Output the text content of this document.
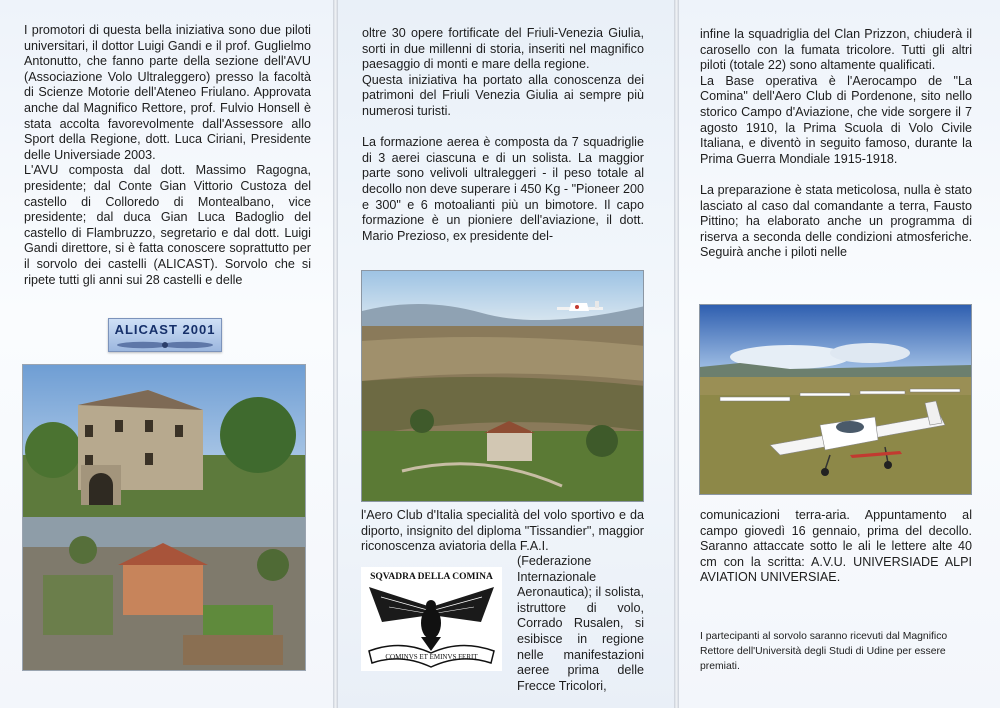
I promotori di questa bella iniziativa sono due piloti universitari, il dottor Luigi Gandi e il prof. Guglielmo Antonutto, che fanno parte della sezione dell'AVU (Associazione Volo Ultraleggero) presso la facoltà di Scienze Motorie dell'Ateneo Friulano. Approvata anche dal Magnifico Rettore, prof. Fulvio Honsell è stata accolta favorevolmente dall'Assessore allo Sport della Regione, dott. Luca Ciriani, Presidente delle Universiade 2003.

L'AVU composta dal dott. Massimo Ragogna, presidente; dal Conte Gian Vittorio Custoza del castello di Colloredo di Montealbano, vice presidente; dal duca Gian Luca Badoglio del castello di Flambruzzo, segretario e dal dott. Luigi Gandi direttore, si è fatta conoscere soprattutto per il sorvolo dei castelli (ALICAST). Sorvolo che si ripete tutti gli anni sui 28 castelli e delle

ALICAST 2001

oltre 30 opere fortificate del Friuli-Venezia Giulia, sorti in due millenni di storia, inseriti nel magnifico paesaggio di monti e mare della regione.

Questa iniziativa ha portato alla conoscenza dei patrimoni del Friuli Venezia Giulia ai sempre più numerosi turisti.

La formazione aerea è composta da 7 squadriglie di 3 aerei ciascuna e di un solista. La maggior parte sono velivoli ultraleggeri - il peso totale al decollo non deve superare i 450 Kg - "Pioneer 200 e 300" e 6 motoalianti più un bimotore. Il capo formazione è un pioniere dell'aviazione, il dott. Mario Prezioso, ex presidente del-

l'Aero Club d'Italia specialità del volo sportivo e da diporto, insignito del diploma "Tissandier", maggior riconoscenza aviatoria della F.A.I.

(Federazione Internazionale Aeronautica); il solista, istruttore di volo, Corrado Rusalen, si esibisce in regione nelle manifestazioni aeree prima delle Frecce Tricolori,

SQVADRA DELLA COMINA
COMINVS ET EMINVS FERIT

infine la squadriglia del Clan Prizzon, chiuderà il carosello con la fumata tricolore. Tutti gli altri piloti (totale 22) sono altamente qualificati.

La Base operativa è l'Aerocampo de "La Comina" dell'Aero Club di Pordenone, sito nello storico Campo d'Aviazione, che vide sorgere il 7 agosto 1910, la Prima Scuola di Volo Civile Italiana, e diventò in seguito famoso, durante la Prima Guerra Mondiale 1915-1918.

La preparazione è stata meticolosa, nulla è stato lasciato al caso dal comandante a terra, Fausto Pittino; ha elaborato anche un programma di riserva a seconda delle condizioni atmosferiche. Seguirà anche i piloti nelle

comunicazioni terra-aria. Appuntamento al campo giovedì 16 gennaio, prima del decollo. Saranno attaccate sotto le ali le lettere alte 40 cm con la scritta: A.V.U. UNIVERSIADE ALPI AVIATION UNIVERSIAE.

I partecipanti al sorvolo saranno ricevuti dal Magnifico Rettore dell'Università degli Studi di Udine per essere premiati.
